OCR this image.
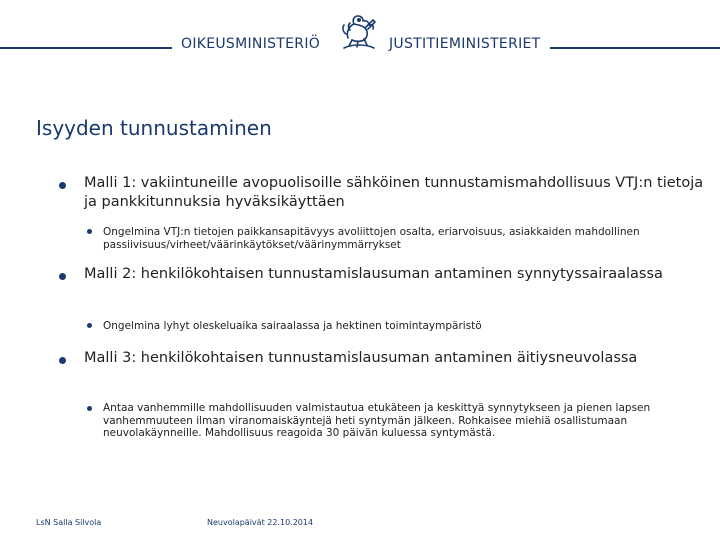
OIKEUSMINISTERIÖ	JUSTITIEMINISTERIET
Isyyden tunnustaminen
Malli 1: vakiintuneille avopuolisoille sähköinen tunnustamismahdollisuus VTJ:n tietoja ja pankkitunnuksia hyväksikäyttäen
Ongelmina VTJ:n tietojen paikkansapitävyys avoliittojen osalta, eriarvoisuus, asiakkaiden mahdollinen passiivisuus/virheet/väärinkäytökset/väärinymmärrykset
Malli 2: henkilökohtaisen tunnustamislausuman antaminen synnytyssairaalassa
Ongelmina lyhyt oleskeluaika sairaalassa ja hektinen toimintaympäristö
Malli 3: henkilökohtaisen tunnustamislausuman antaminen äitiysneuvolassa
Antaa vanhemmille mahdollisuuden valmistautua etukäteen ja keskittyä synnytykseen ja pienen lapsen vanhemmuuteen ilman viranomaiskäyntejä heti syntymän jälkeen. Rohkaisee miehiä osallistumaan neuvolakäynneille. Mahdollisuus reagoida 30 päivän kuluessa syntymästä.
LsN Salla Silvola	Neuvolapäivät 22.10.2014
